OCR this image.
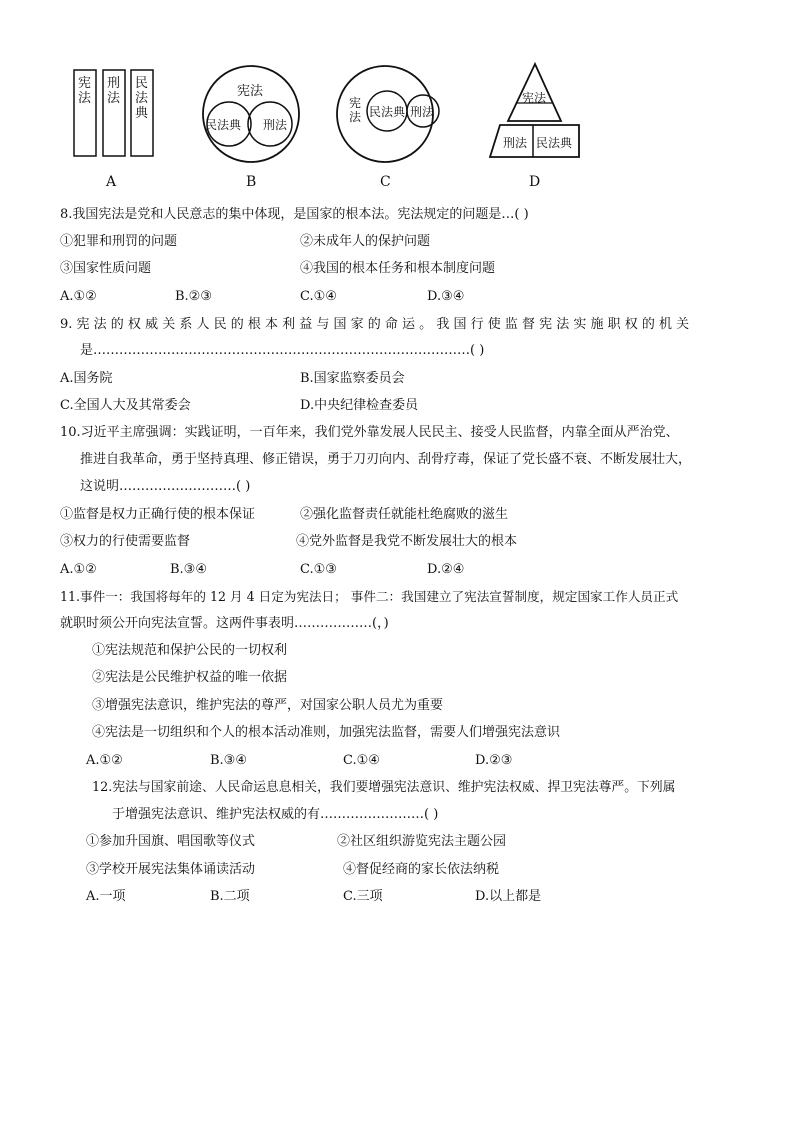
宪法
刑法
民法典
宪法
民法典 刑法
宪法 民法典 刑法
宪法
刑法 民法典
A	B	C	D
8.我国宪法是党和人民意志的集中体现，是国家的根本法。宪法规定的问题是…( )
①犯罪和刑罚的问题	②未成年人的保护问题
③国家性质问题	④我国的根本任务和根本制度问题
A.①②	B.②③	C.①④	D.③④
9. 宪 法 的 权 威 关 系 人 民 的 根 本 利 益 与 国 家 的 命 运 。 我 国 行 使 监 督 宪 法 实 施 职 权 的 机 关
是……………………………………………………………………………( )
A.国务院	B.国家监察委员会
C.全国人大及其常委会	D.中央纪律检查委员
10.习近平主席强调：实践证明，一百年来，我们党外靠发展人民民主、接受人民监督，内靠全面从严治党、
推进自我革命，勇于坚持真理、修正错误，勇于刀刃向内、刮骨疗毒，保证了党长盛不衰、不断发展壮大，
这说明………………………( )
①监督是权力正确行使的根本保证	②强化监督责任就能杜绝腐败的滋生
③权力的行使需要监督	④党外监督是我党不断发展壮大的根本
A.①②	B.③④	C.①③	D.②④
11.事件一：我国将每年的 12 月 4 日定为宪法日； 事件二：我国建立了宪法宣誓制度，规定国家工作人员正式
就职时须公开向宪法宣誓。这两件事表明………………(，)
①宪法规范和保护公民的一切权利
②宪法是公民维护权益的唯一依据
③增强宪法意识，维护宪法的尊严，对国家公职人员尤为重要
④宪法是一切组织和个人的根本活动准则，加强宪法监督，需要人们增强宪法意识
A.①②	B.③④	C.①④	D.②③
12.宪法与国家前途、人民命运息息相关，我们要增强宪法意识、维护宪法权威、捍卫宪法尊严。下列属
于增强宪法意识、维护宪法权威的有……………………( )
①参加升国旗、唱国歌等仪式	②社区组织游览宪法主题公园
③学校开展宪法集体诵读活动	④督促经商的家长依法纳税
A.一项	B.二项	C.三项	D.以上都是
